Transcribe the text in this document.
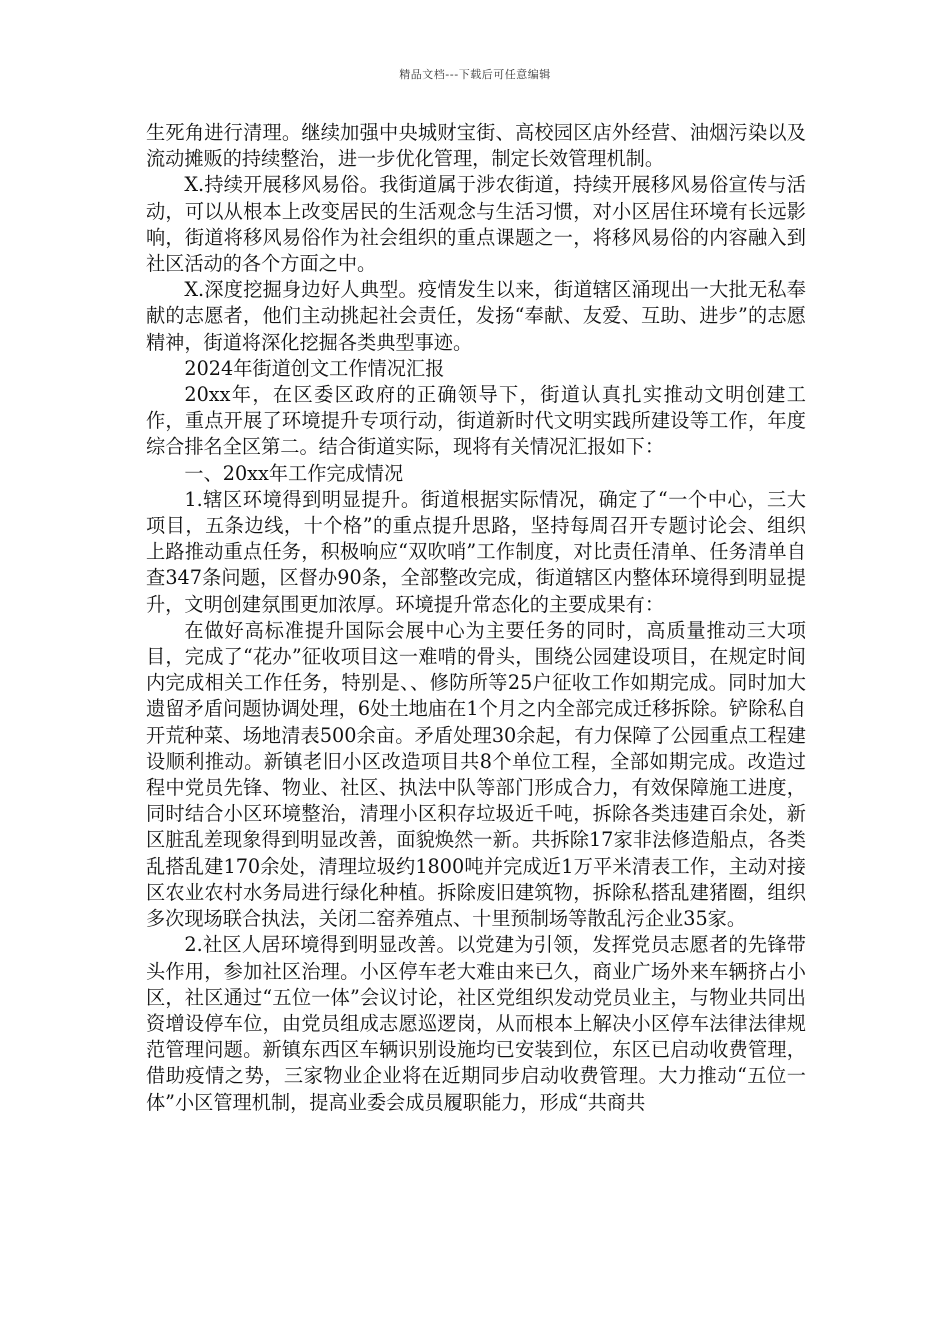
精品文档---下载后可任意编辑

生死角进行清理。继续加强中央城财宝街、高校园区店外经营、油烟污染以及流动摊贩的持续整治，进一步优化管理，制定长效管理机制。

X.持续开展移风易俗。我街道属于涉农街道，持续开展移风易俗宣传与活动，可以从根本上改变居民的生活观念与生活习惯，对小区居住环境有长远影响，街道将移风易俗作为社会组织的重点课题之一，将移风易俗的内容融入到社区活动的各个方面之中。

X.深度挖掘身边好人典型。疫情发生以来，街道辖区涌现出一大批无私奉献的志愿者，他们主动挑起社会责任，发扬“奉献、友爱、互助、进步”的志愿精神，街道将深化挖掘各类典型事迹。

2024年街道创文工作情况汇报

20xx年，在区委区政府的正确领导下，街道认真扎实推动文明创建工作，重点开展了环境提升专项行动，街道新时代文明实践所建设等工作，年度综合排名全区第二。结合街道实际，现将有关情况汇报如下：

一、20xx年工作完成情况

1.辖区环境得到明显提升。街道根据实际情况，确定了“一个中心，三大项目，五条边线，十个格”的重点提升思路，坚持每周召开专题讨论会、组织上路推动重点任务，积极响应“双吹哨”工作制度，对比责任清单、任务清单自查347条问题，区督办90条，全部整改完成，街道辖区内整体环境得到明显提升，文明创建氛围更加浓厚。环境提升常态化的主要成果有：

在做好高标准提升国际会展中心为主要任务的同时，高质量推动三大项目，完成了“花办”征收项目这一难啃的骨头，围绕公园建设项目，在规定时间内完成相关工作任务，特别是、、修防所等25户征收工作如期完成。同时加大遗留矛盾问题协调处理，6处土地庙在1个月之内全部完成迁移拆除。铲除私自开荒种菜、场地清表500余亩。矛盾处理30余起，有力保障了公园重点工程建设顺利推动。新镇老旧小区改造项目共8个单位工程，全部如期完成。改造过程中党员先锋、物业、社区、执法中队等部门形成合力，有效保障施工进度，同时结合小区环境整治，清理小区积存垃圾近千吨，拆除各类违建百余处，新区脏乱差现象得到明显改善，面貌焕然一新。共拆除17家非法修造船点，各类乱搭乱建170余处，清理垃圾约1800吨并完成近1万平米清表工作，主动对接区农业农村水务局进行绿化种植。拆除废旧建筑物，拆除私搭乱建猪圈，组织多次现场联合执法，关闭二窑养殖点、十里预制场等散乱污企业35家。

2.社区人居环境得到明显改善。以党建为引领，发挥党员志愿者的先锋带头作用，参加社区治理。小区停车老大难由来已久，商业广场外来车辆挤占小区，社区通过“五位一体”会议讨论，社区党组织发动党员业主，与物业共同出资增设停车位，由党员组成志愿巡逻岗，从而根本上解决小区停车法律法律规范管理问题。新镇东西区车辆识别设施均已安装到位，东区已启动收费管理，借助疫情之势，三家物业企业将在近期同步启动收费管理。大力推动“五位一体”小区管理机制，提高业委会成员履职能力，形成“共商共
